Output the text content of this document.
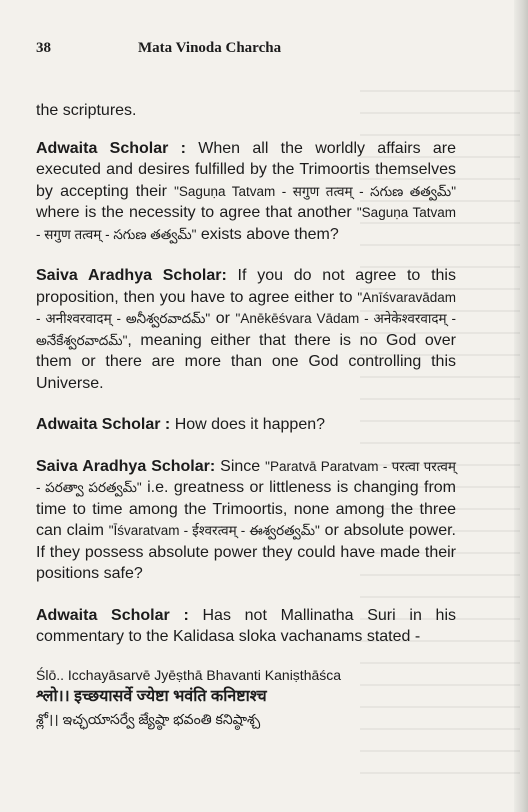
38	Mata Vinoda Charcha

the scriptures.

Adwaita Scholar : When all the worldly affairs are executed and desires fulfilled by the Trimoortis themselves by accepting their "Saguṇa Tatvam - सगुण तत्वम् - సగుణ తత్వమ్" where is the necessity to agree that another "Saguṇa Tatvam - सगुण तत्वम् - సగుణ తత్వమ్" exists above them?

Saiva Aradhya Scholar: If you do not agree to this proposition, then you have to agree either to "Anīśvaravādam - अनीश्वरवादम् - అనీశ్వరవాదమ్" or "Anēkēśvara Vādam - अनेकेश्वरवादम् - అనేకేశ్వరవాదమ్", meaning either that there is no God over them or there are more than one God controlling this Universe.

Adwaita Scholar : How does it happen?

Saiva Aradhya Scholar: Since "Paratvā Paratvam - परत्वा परत्वम् - పరత్వా పరత్వమ్" i.e. greatness or littleness is changing from time to time among the Trimoortis, none among the three can claim "Īśvaratvam - ईश्वरत्वम् - ఈశ్వరత్వమ్" or absolute power. If they possess absolute power they could have made their positions safe?

Adwaita Scholar : Has not Mallinatha Suri in his commentary to the Kalidasa sloka vachanams stated -

Ślō.. Icchayāsarvē Jyēṣthā Bhavanti Kaniṣthāśca

श्लो।। इच्छयासर्वे ज्येष्टा भवंति कनिष्टाश्च

శ్లో।। ఇచ్ఛయాసర్వే జ్యేష్ఠా భవంతి కనిష్ఠాశ్చ
